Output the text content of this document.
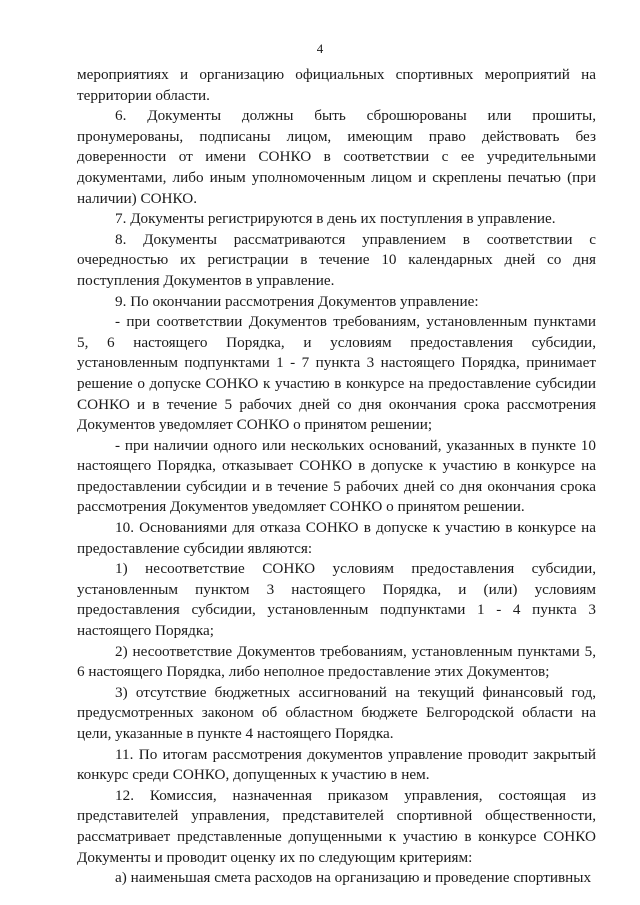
4

мероприятиях и организацию официальных спортивных мероприятий на территории области.

6. Документы должны быть сброшюрованы или прошиты, пронумерованы, подписаны лицом, имеющим право действовать без доверенности от имени СОНКО в соответствии с ее учредительными документами, либо иным уполномоченным лицом и скреплены печатью (при наличии) СОНКО.

7. Документы регистрируются в день их поступления в управление.

8. Документы рассматриваются управлением в соответствии с очередностью их регистрации в течение 10 календарных дней со дня поступления Документов в управление.

9. По окончании рассмотрения Документов управление:

- при соответствии Документов требованиям, установленным пунктами 5, 6 настоящего Порядка, и условиям предоставления субсидии, установленным подпунктами 1 - 7 пункта 3 настоящего Порядка, принимает решение о допуске СОНКО к участию в конкурсе на предоставление субсидии СОНКО и в течение 5 рабочих дней со дня окончания срока рассмотрения Документов уведомляет СОНКО о принятом решении;

- при наличии одного или нескольких оснований, указанных в пункте 10 настоящего Порядка, отказывает СОНКО в допуске к участию в конкурсе на предоставлении субсидии и в течение 5 рабочих дней со дня окончания срока рассмотрения Документов уведомляет СОНКО о принятом решении.

10. Основаниями для отказа СОНКО в допуске к участию в конкурсе на предоставление субсидии являются:

1) несоответствие СОНКО условиям предоставления субсидии, установленным пунктом 3 настоящего Порядка, и (или) условиям предоставления субсидии, установленным подпунктами 1 - 4 пункта 3 настоящего Порядка;

2) несоответствие Документов требованиям, установленным пунктами 5, 6 настоящего Порядка, либо неполное предоставление этих Документов;

3) отсутствие бюджетных ассигнований на текущий финансовый год, предусмотренных законом об областном бюджете Белгородской области на цели, указанные в пункте 4 настоящего Порядка.

11. По итогам рассмотрения документов управление проводит закрытый конкурс среди СОНКО, допущенных к участию в нем.

12. Комиссия, назначенная приказом управления, состоящая из представителей управления, представителей спортивной общественности, рассматривает представленные допущенными к участию в конкурсе СОНКО Документы и проводит оценку их по следующим критериям:

а) наименьшая смета расходов на организацию и проведение спортивных
